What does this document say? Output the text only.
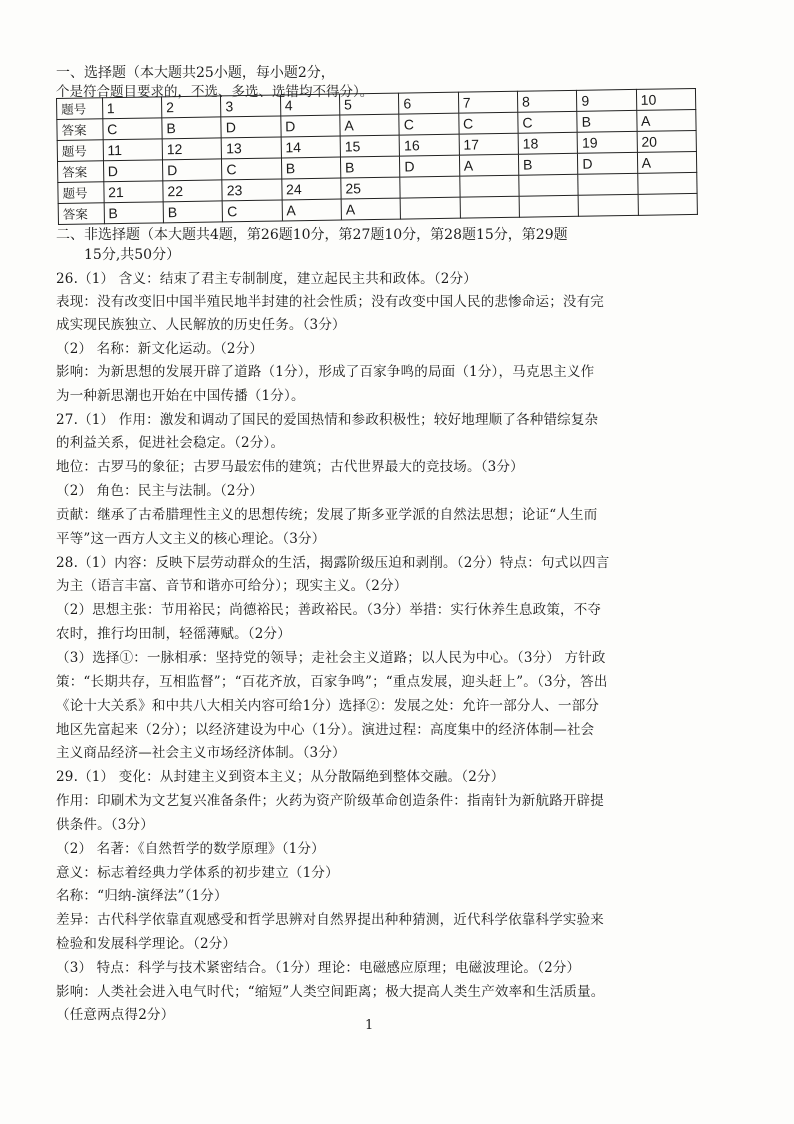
一、选择题（本大题共25小题，每小题2分，
个是符合题目要求的，不选、多选、选错均不得分）。
题号	1	2	3	4	5	6	7	8	9	10
答案	C	B	D	D	A	C	C	C	B	A
题号	11	12	13	14	15	16	17	18	19	20
答案	D	D	C	B	B	D	A	B	D	A
题号	21	22	23	24	25					
答案	B	B	C	A	A					
二、非选择题（本大题共4题，第26题10分，第27题10分，第28题15分，第29题
15分,共50分）
26.（1） 含义：结束了君主专制制度，建立起民主共和政体。（2分）
表现：没有改变旧中国半殖民地半封建的社会性质；没有改变中国人民的悲惨命运；没有完
成实现民族独立、人民解放的历史任务。（3分）
（2） 名称：新文化运动。（2分）
影响：为新思想的发展开辟了道路（1分），形成了百家争鸣的局面（1分），马克思主义作
为一种新思潮也开始在中国传播（1分）。
27.（1） 作用：激发和调动了国民的爱国热情和参政积极性；较好地理顺了各种错综复杂
的利益关系，促进社会稳定。（2分）。
地位：古罗马的象征；古罗马最宏伟的建筑；古代世界最大的竞技场。（3分）
（2） 角色：民主与法制。（2分）
贡献：继承了古希腊理性主义的思想传统；发展了斯多亚学派的自然法思想；论证“人生而
平等”这一西方人文主义的核心理论。（3分）
28.（1）内容：反映下层劳动群众的生活，揭露阶级压迫和剥削。（2分）特点：句式以四言
为主（语言丰富、音节和谐亦可给分）；现实主义。（2分）
（2）思想主张：节用裕民；尚德裕民；善政裕民。（3分）举措：实行休养生息政策，不夺
农时，推行均田制，轻徭薄赋。（2分）
（3）选择①：一脉相承：坚持党的领导；走社会主义道路；以人民为中心。（3分） 方针政
策：“长期共存，互相监督”；“百花齐放，百家争鸣”；“重点发展，迎头赶上”。（3分，答出
《论十大关系》和中共八大相关内容可给1分）选择②：发展之处：允许一部分人、一部分
地区先富起来（2分）；以经济建设为中心（1分）。演进过程：高度集中的经济体制—社会
主义商品经济—社会主义市场经济体制。（3分）
29.（1） 变化：从封建主义到资本主义；从分散隔绝到整体交融。（2分）
作用：印刷术为文艺复兴准备条件；火药为资产阶级革命创造条件：指南针为新航路开辟提
供条件。（3分）
（2） 名著：《自然哲学的数学原理》（1分）
意义：标志着经典力学体系的初步建立（1分）
名称：“归纳-演绎法”（1分）
差异：古代科学依靠直观感受和哲学思辨对自然界提出种种猜测，近代科学依靠科学实验来
检验和发展科学理论。（2分）
（3） 特点：科学与技术紧密结合。（1分）理论：电磁感应原理；电磁波理论。（2分）
影响：人类社会进入电气时代；“缩短”人类空间距离；极大提高人类生产效率和生活质量。
（任意两点得2分）
1
